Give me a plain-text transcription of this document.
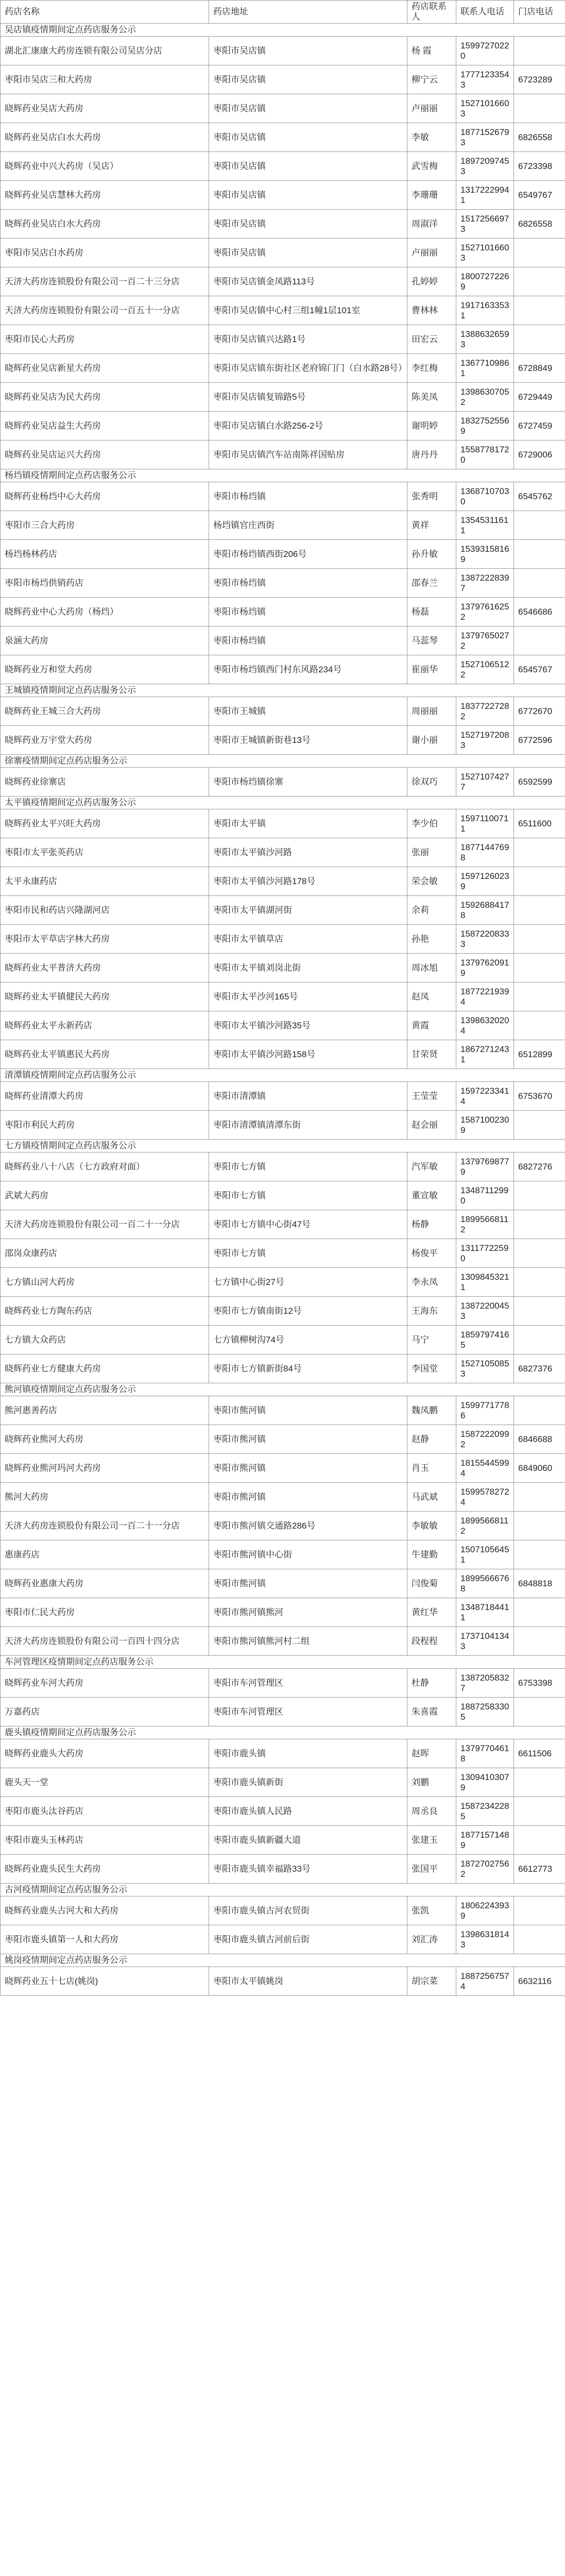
药店名称	药店地址	药店联系人	联系人电话	门店电话
吴店镇疫情期间定点药店服务公示				
湖北汇康康大药房连锁有限公司吴店分店	枣阳市吴店镇	杨 霞	15997270220	
枣阳市吴店三和大药房	枣阳市吴店镇	柳宁云	17771233543	6723289
晓辉药业吴店大药房	枣阳市吴店镇	卢丽丽	15271016603	
晓辉药业吴店白水大药房	枣阳市吴店镇	李敏	18771526793	6826558
晓辉药业中兴大药房（吴店）	枣阳市吴店镇	武雪梅	18972097453	6723398
晓辉药业吴店慧林大药房	枣阳市吴店镇	李珊珊	13172229941	6549767
晓辉药业吴店白水大药房	枣阳市吴店镇	周淑洋	15172566973	6826558
枣阳市吴店白水药房	枣阳市吴店镇	卢丽丽	15271016603	
天济大药房连锁股份有限公司一百二十三分店	枣阳市吴店镇金凤路113号	孔婷婷	18007272269	
天济大药房连锁股份有限公司一百五十一分店	枣阳市吴店镇中心村三组1幢1层101室	曹林林	19171633531	
枣阳市民心大药房	枣阳市吴店镇兴达路1号	田宏云	13886326593	
晓辉药业吴店新星大药房	枣阳市吴店镇东街社区老府锦门门（白水路28号）	李红梅	13677109861	6728849
晓辉药业吴店为民大药房	枣阳市吴店镇复锦路5号	陈美凤	13986307052	6729449
晓辉药业吴店益生大药房	枣阳市吴店镇白水路256-2号	谢明婷	18327525569	6727459
晓辉药业吴店运兴大药房	枣阳市吴店镇汽车站南陈祥国贴房	唐丹丹	15587781720	6729006
杨垱镇疫情期间定点药店服务公示				
晓辉药业杨垱中心大药房	枣阳市杨垱镇	张秀明	13687107030	6545762
枣阳市三合大药房	杨垱镇官庄西街	黄祥	13545311611	
杨垱杨林药店	枣阳市杨垱镇西街206号	孙升敏	15393158169	
枣阳市杨垱供销药店	枣阳市杨垱镇	邵春兰	13872228397	
晓辉药业中心大药房（杨垱）	枣阳市杨垱镇	杨磊	13797616252	6546686
泉涵大药房	枣阳市杨垱镇	马蕊琴	13797650272	
晓辉药业万和堂大药房	枣阳市杨垱镇西门村东风路234号	崔丽华	15271065122	6545767
王城镇疫情期间定点药店服务公示				
晓辉药业王城三合大药房	枣阳市王城镇	周丽丽	18377227282	6772670
晓辉药业万宇堂大药房	枣阳市王城镇新街巷13号	谢小丽	15271972083	6772596
徐寨疫情期间定点药店服务公示				
晓辉药业徐寨店	枣阳市杨垱镇徐寨	徐双巧	15271074277	6592599
太平镇疫情期间定点药店服务公示				
晓辉药业太平兴旺大药房	枣阳市太平镇	李少伯	15971100711	6511600
枣阳市太平张英药店	枣阳市太平镇沙河路	张丽	18771447698	
太平永康药店	枣阳市太平镇沙河路178号	荣会敏	15971260239	
枣阳市民和药店兴隆湖河店	枣阳市太平镇湖河街	余莉	15926884178	
枣阳市太平草店字林大药房	枣阳市太平镇草店	孙艳	15872208333	
晓辉药业太平普济大药房	枣阳市太平镇刘岗北街	周冰旭	13797620919	
晓辉药业太平镇健民大药房	枣阳市太平沙河165号	赵凤	18772219394	
晓辉药业太平永新药店	枣阳市太平镇沙河路35号	黄霞	13986320204	
晓辉药业太平镇惠民大药房	枣阳市太平镇沙河路158号	甘荣贤	18672712431	6512899
清潭镇疫情期间定点药店服务公示				
晓辉药业清潭大药房	枣阳市清潭镇	王莹莹	15972233414	6753670
枣阳市利民大药房	枣阳市清潭镇清潭东街	赵会丽	15871002309	
七方镇疫情期间定点药店服务公示				
晓辉药业八十八店（七方政府对面）	枣阳市七方镇	汽军敏	13797698779	6827276
武斌大药房	枣阳市七方镇	董宣敏	13487112990	
天济大药房连锁股份有限公司一百二十一分店	枣阳市七方镇中心街47号	杨静	18995668112	
邵岗众康药店	枣阳市七方镇	杨俊平	13117722590	
七方镇山河大药房	七方镇中心街27号	李永凤	13098453211	
晓辉药业七方陶东药店	枣阳市七方镇南街12号	王海东	13872200453	
七方镇大众药店	七方镇柳树沟74号	马宁	18597974165	
晓辉药业七方健康大药房	枣阳市七方镇新街84号	李国堂	15271050853	6827376
熊河镇疫情期间定点药店服务公示				
熊河惠善药店	枣阳市熊河镇	魏凤鹏	15997717786	
晓辉药业熊河大药房	枣阳市熊河镇	赵静	15872220992	6846688
晓辉药业熊河玛河大药房	枣阳市熊河镇	肖玉	18155445994	6849060
熊河大药房	枣阳市熊河镇	马武斌	15995782724	
天济大药房连锁股份有限公司一百二十一分店	枣阳市熊河镇交通路286号	李敏敏	18995668112	
惠康药店	枣阳市熊河镇中心街	牛建勤	15071056451	
晓辉药业惠康大药房	枣阳市熊河镇	闫俊菊	18995666768	6848818
枣阳市仁民大药房	枣阳市熊河镇熊河	黄红华	13487184411	
天济大药房连锁股份有限公司一百四十四分店	枣阳市熊河镇熊河村二组	段程程	17371041343	
车河管理区疫情期间定点药店服务公示				
晓辉药业车河大药房	枣阳市车河管理区	杜静	13872058327	6753398
万嘉药店	枣阳市车河管理区	朱喜霞	18872583305	
鹿头镇疫情期间定点药店服务公示				
晓辉药业鹿头大药房	枣阳市鹿头镇	赵晖	13797704618	6611506
鹿头天一堂	枣阳市鹿头镇新街	刘鹏	13094103079	
枣阳市鹿头汰谷药店	枣阳市鹿头镇人民路	周丞良	15872342285	
枣阳市鹿头玉林药店	枣阳市鹿头镇新疆大道	张建玉	18771571489	
晓辉药业鹿头民生大药房	枣阳市鹿头镇幸福路33号	张国平	18727027562	6612773
古河疫情期间定点药店服务公示				
晓辉药业鹿头古河大和大药房	枣阳市鹿头镇古河农贸街	张凯	18062243939	
枣阳市鹿头镇第一人和大药房	枣阳市鹿头镇古河前后街	刘汇涛	13986318143	
姚岗疫情期间定点药店服务公示				
晓辉药业五十七店(姚岗)	枣阳市太平镇姚岗	胡宗菜	18872567574	6632116
